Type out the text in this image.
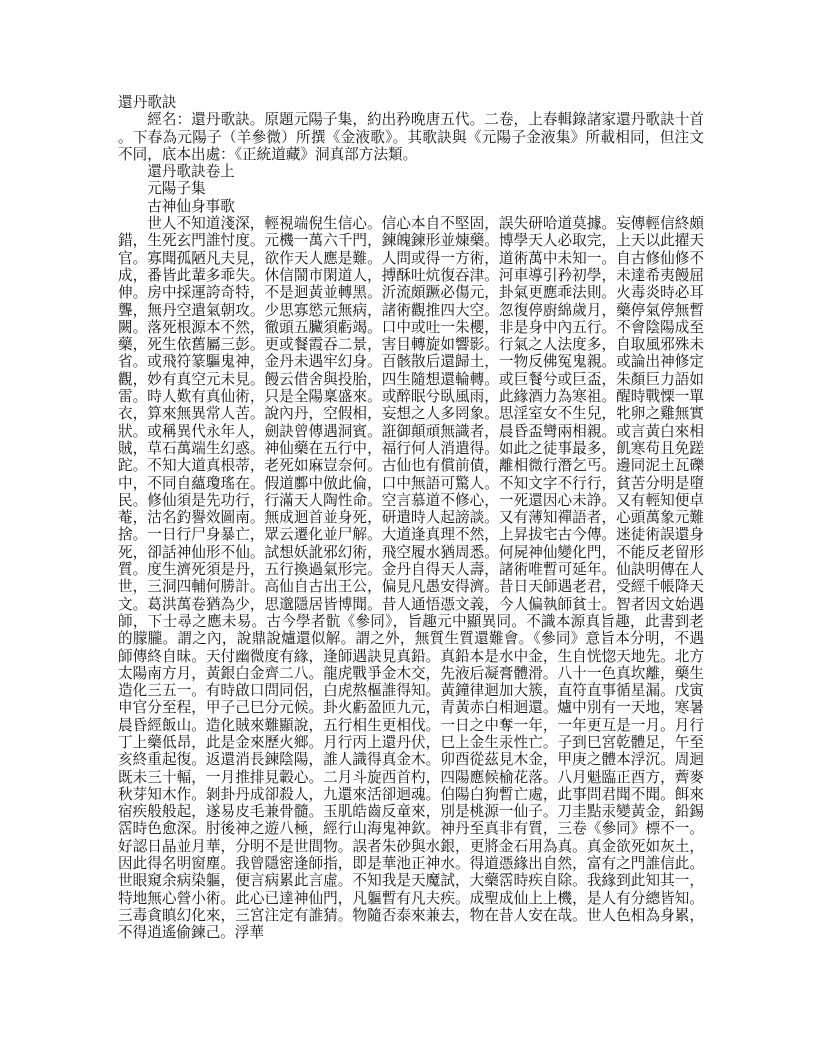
還丹歌訣

經名：還丹歌訣。原題元陽子集，約出矜晚唐五代。二卷，上春輯錄諸家還丹歌訣十首。下春為元陽子（羊參微）所撰《金液歌》。其歌訣與《元陽子金液集》所載相同，但注文不同，底本出處：《正統道藏》洞真部方法類。

還丹歌訣卷上

元陽子集

古神仙身事歌

世人不知道淺深，輕視端倪生信心。信心本自不堅固，誤失研哈道莫據。妄傳輕信終頗錯，生死玄門誰忖度。元機一萬六千門，鍊魄鍊形並煉藥。博學天人必取完，上天以此擢天官。寡聞孤陋凡夫見，欲作天人應是難。人問或得一方術，道術萬中未知一。自古修仙修不成，番皆此輩多乖失。休信鬧市閑道人，搏酥吐炕復吞津。河車導引矜初學，未達希夷饅屈伸。房中採運誇奇特，不是迴黃並轉黑。沂流頗蹶必傷元，卦氣更應乖法則。火毒炎時必耳聾，無丹空遣氣朝攻。少思寡慾元無病，諸術觀推四大空。忽復停廚綿歲月，藥停氣停無暫闕。落死根源本不然，徹頭五臟須虧竭。口中或吐一朱櫻，非是身中內五行。不會陰陽成至藥，死生依舊屬三彭。更或餐霞吞二景，害目轉旋如響影。行氣之人法度多，自取風邪殊未省。或飛符篆驅鬼神，金丹未遇牢幻身。百骸散后還歸土，一物反佛冤鬼親。或論出神修定觀，妙有真空元未見。饅云借舍與投胎，四生隨想還輪轉。或巨餐兮或巨盃，朱顏巨力語如雷。時人歎有真仙術，只是全陽稟盛來。或醉眠兮臥風雨，此緣酒力為寒祖。醒時戰慄一單衣，算來無異常人苦。說內丹，空假相，妄想之人多罔象。思淫室女不生兒，牝卵之雞無實狀。或稱異代永年人，劍訣曾傳遇洞賓。誑御顛頑無識者，晨昏盃彎兩相親。或言黃白來相賊，草石萬端生幻惑。神仙藥在五行中，福行何人消遣得。如此之徒事最多，飢寒苟且免蹉跎。不知大道真根蒂，老死如麻豈奈何。古仙也有償前債，離相微行潛乞丐。邊同泥土瓦礫中，不同自蘊瓊瑤在。假道鄽中倣此倫，口中無語可驚人。不知文字不行行，貧苦分明是墮民。修仙須是先功行，行滿天人陶性命。空言慕道不修心，一死還因心未諍。又有輕知便卓菴，沽名釣譽效圖南。無成迴首並身死，研遣時人起謗談。又有薄知禪語者，心頭萬象元難捨。一日行尸身暴亡，眾云遷化並尸解。大道逢真理不然，上昇拔宅古今傳。迷徒術誤還身死，卻話神仙形不仙。試想妖訛邪幻術，飛空履水猶周悉。何屍神仙變化門，不能反老留形質。度生濟死須是丹，五行換過氣形完。金丹自得天人壽，諸術唯暫可延年。仙訣明傳在人世，三洞四輔何勝計。高仙自古出王公，偏見凡愚安得濟。昔日天師遇老君，受經千帳降天文。葛洪萬卷猶為少，思邈隱居皆博聞。昔人通悟憑文義，今人偏執師貧士。智者因文始遇師，下士尋之應未易。古今學者骯《參同》，旨趣元中顯異同。不識本源真旨趣，此書到老的朦朧。謂之內，說鼎說爐還似解。謂之外，無質生質還難會。《參同》意旨本分明，不遇師傳終自昧。天付幽微度有緣，逢師遇訣見真鉛。真鉛本是水中金，生自恍惚天地先。北方太陽南方月，黃銀白金齊二八。龍虎戰爭金木交，先液后凝膏體滑。八十一色真坎離，藥生造化三五一。有時啟口問同侶，白虎熬樞誰得知。黃鐘律迴加大簇，直符直事循星漏。戊寅申官分至程，甲子己巳分元候。卦火虧盈匝九元，青黃赤白相迴還。爐中別有一天地，寒暑晨昏經飯山。造化賊來難顯說，五行相生更相伐。一日之中奪一年，一年更互是一月。月行丁上藥低昂，此是金來歷火鄉。月行丙上還丹伏，巳上金生汞性亡。子到巳宮乾體足，午至亥終重起復。返還消長鍊陰陽，誰人識得真金木。卯酉從茲見木金，甲庚之體本浮沉。周迴既未三十輻，一月推排見轂心。二月斗旋西首杓，四陽應候榆花落。八月魁臨正酉方，薺麥秋芽知木作。剝卦丹成卻殺人，九還來活卻迴魂。伯陽白狗暫亡處，此事問君聞不聞。餌來宿疾般般起，遂易皮毛兼骨髓。玉肌皓齒反童來，別是桃源一仙子。刀圭點汞變黃金，鉛錫霑時色愈深。肘後神之遊八極，經行山海鬼神欽。神丹至真非有質，三卷《參同》標不一。好認日晶並月華，分明不是世間物。誤者朱砂與水銀，更將金石用為真。真金欲死如灰土，因此得名明窗塵。我曾隱密逢師指，即是華池正神水。得道憑緣出自然，富有之門誰信此。世眼窺余病染軀，便言病累此言虛。不知我是天魔試，大藥霑時疾自除。我緣到此知其一，特地無心營小術。此心已達神仙門，凡軀暫有凡夫疾。成聖成仙上上機，是人有分總皆知。三毒貪瞋幻化來，三宮注定有誰猜。物隨否泰來兼去，物在昔人安在哉。世人色相為身累，不得逍遙偷鍊己。浮華
